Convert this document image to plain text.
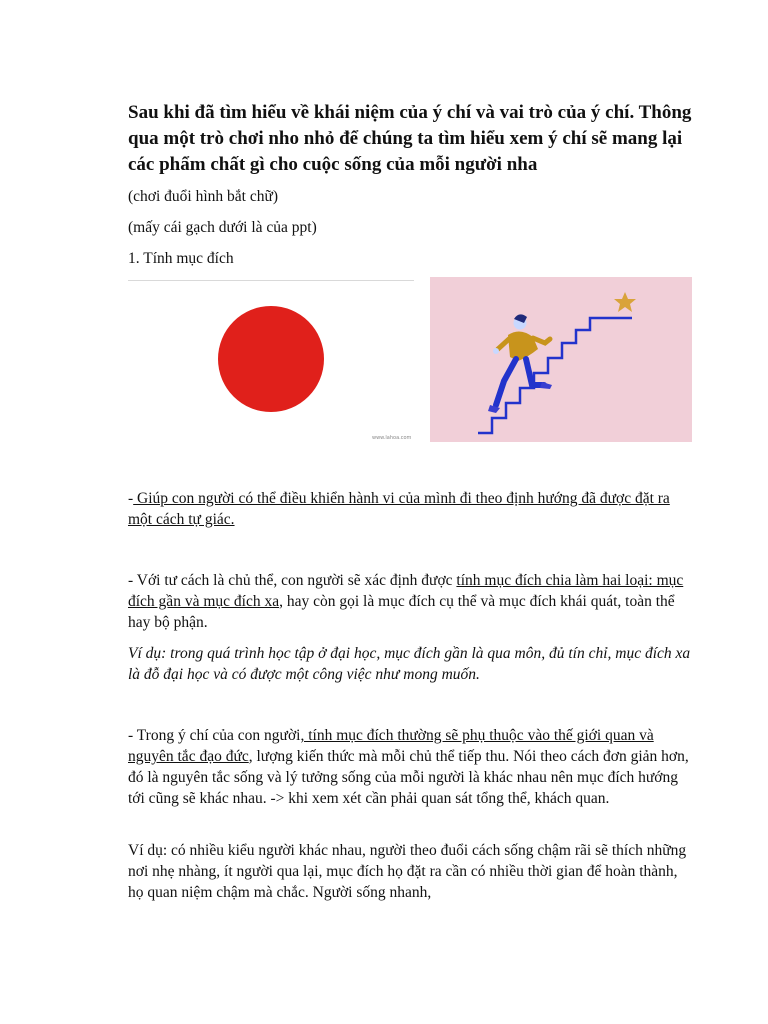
Sau khi đã tìm hiểu về khái niệm của ý chí và vai trò của ý chí. Thông qua một trò chơi nho nhỏ để chúng ta tìm hiểu xem ý chí sẽ mang lại các phẩm chất gì cho cuộc sống của mỗi người nha
(chơi đuổi hình bắt chữ)
(mấy cái gạch dưới là của ppt)
1. Tính mục đích
www.lahoa.com
- Giúp con người có thể điều khiển hành vi của mình đi theo định hướng đã được đặt ra một cách tự giác.
- Với tư cách là chủ thể, con người sẽ xác định được tính mục đích chia làm hai loại: mục đích gần và mục đích xa, hay còn gọi là mục đích cụ thể và mục đích khái quát, toàn thể hay bộ phận.
Ví dụ: trong quá trình học tập ở đại học, mục đích gần là qua môn, đủ tín chỉ, mục đích xa là đỗ đại học và có được một công việc như mong muốn.
- Trong ý chí của con người, tính mục đích thường sẽ phụ thuộc vào thế giới quan và nguyên tắc đạo đức, lượng kiến thức mà mỗi chủ thể tiếp thu. Nói theo cách đơn giản hơn, đó là nguyên tắc sống và lý tưởng sống của mỗi người là khác nhau nên mục đích hướng tới cũng sẽ khác nhau. -> khi xem xét cần phải quan sát tổng thể, khách quan.
Ví dụ: có nhiều kiểu người khác nhau, người theo đuổi cách sống chậm rãi sẽ thích những nơi nhẹ nhàng, ít người qua lại, mục đích họ đặt ra cần có nhiều thời gian để hoàn thành, họ quan niệm chậm mà chắc. Người sống nhanh,
